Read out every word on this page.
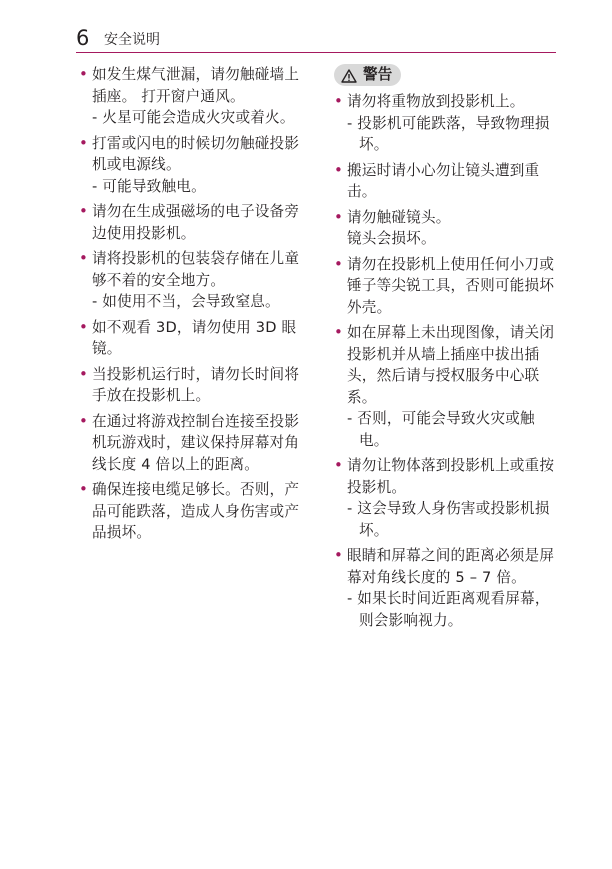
6 安全说明
• 如发生煤气泄漏，请勿触碰墙上插座。 打开窗户通风。
- 火星可能会造成火灾或着火。
• 打雷或闪电的时候切勿触碰投影机或电源线。
- 可能导致触电。
• 请勿在生成强磁场的电子设备旁边使用投影机。
• 请将投影机的包装袋存储在儿童够不着的安全地方。
- 如使用不当，会导致窒息。
• 如不观看 3D，请勿使用 3D 眼镜。
• 当投影机运行时，请勿长时间将手放在投影机上。
• 在通过将游戏控制台连接至投影机玩游戏时，建议保持屏幕对角线长度 4 倍以上的距离。
• 确保连接电缆足够长。否则，产品可能跌落，造成人身伤害或产品损坏。
警告
• 请勿将重物放到投影机上。
- 投影机可能跌落，导致物理损坏。
• 搬运时请小心勿让镜头遭到重击。
• 请勿触碰镜头。
镜头会损坏。
• 请勿在投影机上使用任何小刀或锤子等尖锐工具，否则可能损坏外壳。
• 如在屏幕上未出现图像，请关闭投影机并从墙上插座中拔出插头，然后请与授权服务中心联系。
- 否则，可能会导致火灾或触电。
• 请勿让物体落到投影机上或重按投影机。
- 这会导致人身伤害或投影机损坏。
• 眼睛和屏幕之间的距离必须是屏幕对角线长度的 5 – 7 倍。
- 如果长时间近距离观看屏幕，则会影响视力。
